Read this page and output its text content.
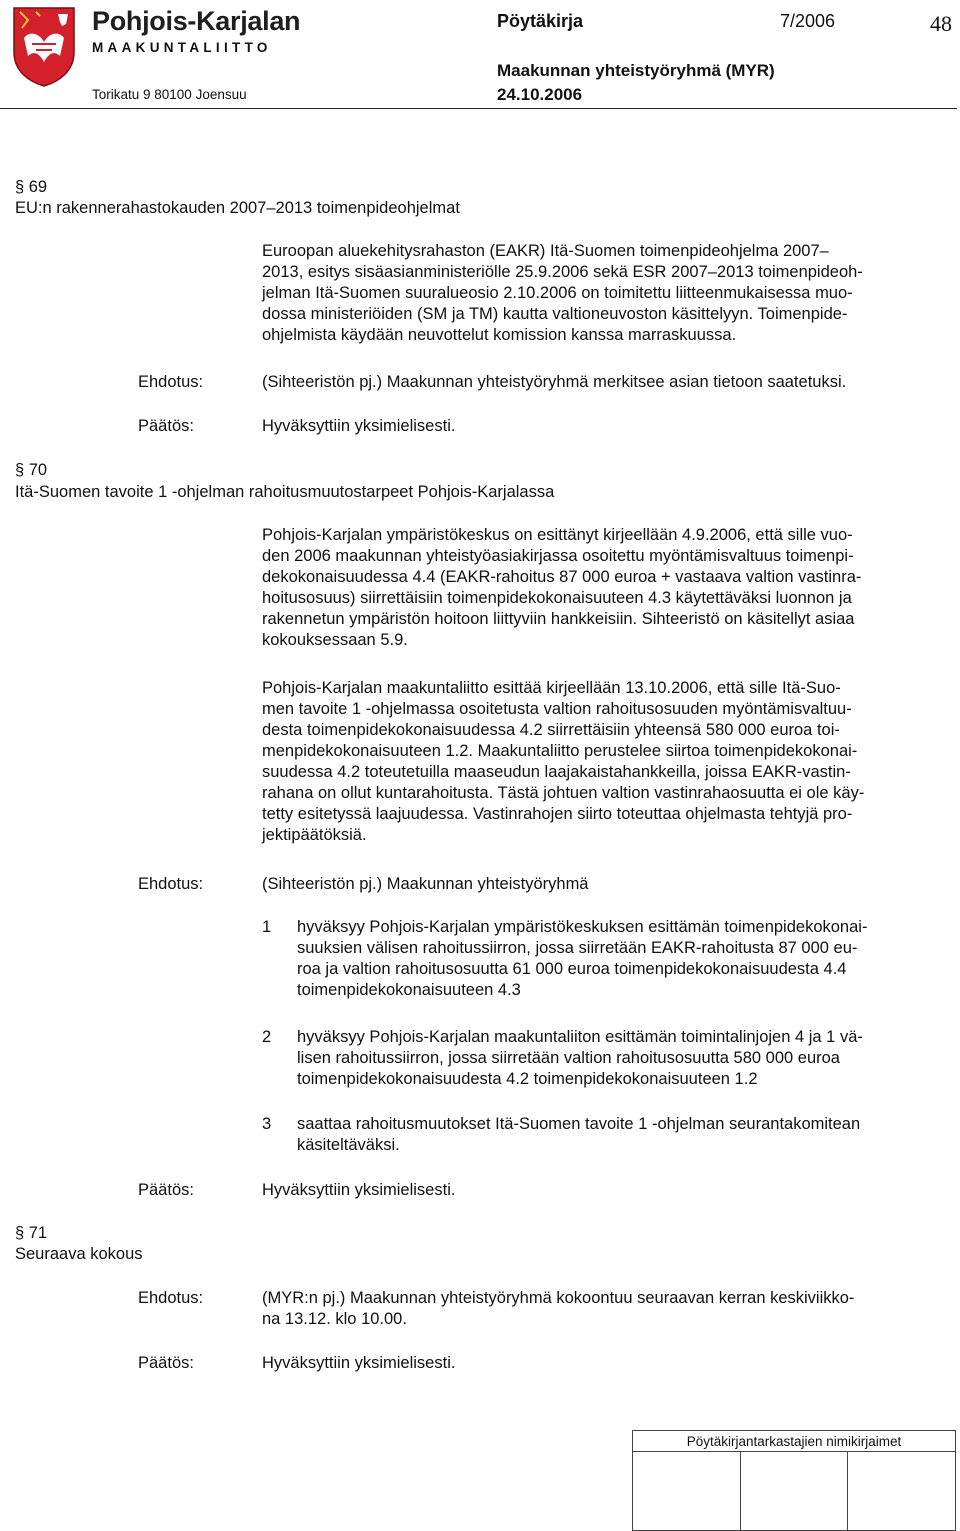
Pohjois-Karjalan
MAAKUNTALIITTO
Torikatu 9 80100 Joensuu
Pöytäkirja	7/2006	48
Maakunnan yhteistyöryhmä (MYR)
24.10.2006
§ 69
EU:n rakennerahastokauden 2007–2013 toimenpideohjelmat
Euroopan aluekehitysrahaston (EAKR) Itä-Suomen toimenpideohjelma 2007–
2013, esitys sisäasianministeriölle 25.9.2006 sekä ESR 2007–2013 toimenpideoh-
jelman Itä-Suomen suuralueosio 2.10.2006 on toimitettu liitteenmukaisessa muo-
dossa ministeriöiden (SM ja TM) kautta valtioneuvoston käsittelyyn. Toimenpide-
ohjelmista käydään neuvottelut komission kanssa marraskuussa.
Ehdotus:	(Sihteeristön pj.) Maakunnan yhteistyöryhmä merkitsee asian tietoon saatetuksi.
Päätös:	Hyväksyttiin yksimielisesti.
§ 70
Itä-Suomen tavoite 1 -ohjelman rahoitusmuutostarpeet Pohjois-Karjalassa
Pohjois-Karjalan ympäristökeskus on esittänyt kirjeellään 4.9.2006, että sille vuo-
den 2006 maakunnan yhteistyöasiakirjassa osoitettu myöntämisvaltuus toimenpi-
dekokonaisuudessa 4.4 (EAKR-rahoitus 87 000 euroa + vastaava valtion vastinra-
hoitusosuus) siirrettäisiin toimenpidekokonaisuuteen 4.3 käytettäväksi luonnon ja
rakennetun ympäristön hoitoon liittyviin hankkeisiin. Sihteeristö on käsitellyt asiaa
kokouksessaan 5.9.
Pohjois-Karjalan maakuntaliitto esittää kirjeellään 13.10.2006, että sille Itä-Suo-
men tavoite 1 -ohjelmassa osoitetusta valtion rahoitusosuuden myöntämisvaltuu-
desta toimenpidekokonaisuudessa 4.2 siirrettäisiin yhteensä 580 000 euroa toi-
menpidekokonaisuuteen 1.2. Maakuntaliitto perustelee siirtoa toimenpidekokonai-
suudessa 4.2 toteutetuilla maaseudun laajakaistahankkeilla, joissa EAKR-vastin-
rahana on ollut kuntarahoitusta. Tästä johtuen valtion vastinrahaosuutta ei ole käy-
tetty esitetyssä laajuudessa. Vastinrahojen siirto toteuttaa ohjelmasta tehtyjä pro-
jektipäätöksiä.
Ehdotus:	(Sihteeristön pj.) Maakunnan yhteistyöryhmä
1 hyväksyy Pohjois-Karjalan ympäristökeskuksen esittämän toimenpidekokonai-
suuksien välisen rahoitussiirron, jossa siirretään EAKR-rahoitusta 87 000 eu-
roa ja valtion rahoitusosuutta 61 000 euroa toimenpidekokonaisuudesta 4.4
toimenpidekokonaisuuteen 4.3
2 hyväksyy Pohjois-Karjalan maakuntaliiton esittämän toimintalinjojen 4 ja 1 vä-
lisen rahoitussiirron, jossa siirretään valtion rahoitusosuutta 580 000 euroa
toimenpidekokonaisuudesta 4.2 toimenpidekokonaisuuteen 1.2
3 saattaa rahoitusmuutokset Itä-Suomen tavoite 1 -ohjelman seurantakomitean
käsiteltäväksi.
Päätös:	Hyväksyttiin yksimielisesti.
§ 71
Seuraava kokous
Ehdotus:	(MYR:n pj.) Maakunnan yhteistyöryhmä kokoontuu seuraavan kerran keskiviikko-
na 13.12. klo 10.00.
Päätös:	Hyväksyttiin yksimielisesti.
Pöytäkirjantarkastajien nimikirjaimet
